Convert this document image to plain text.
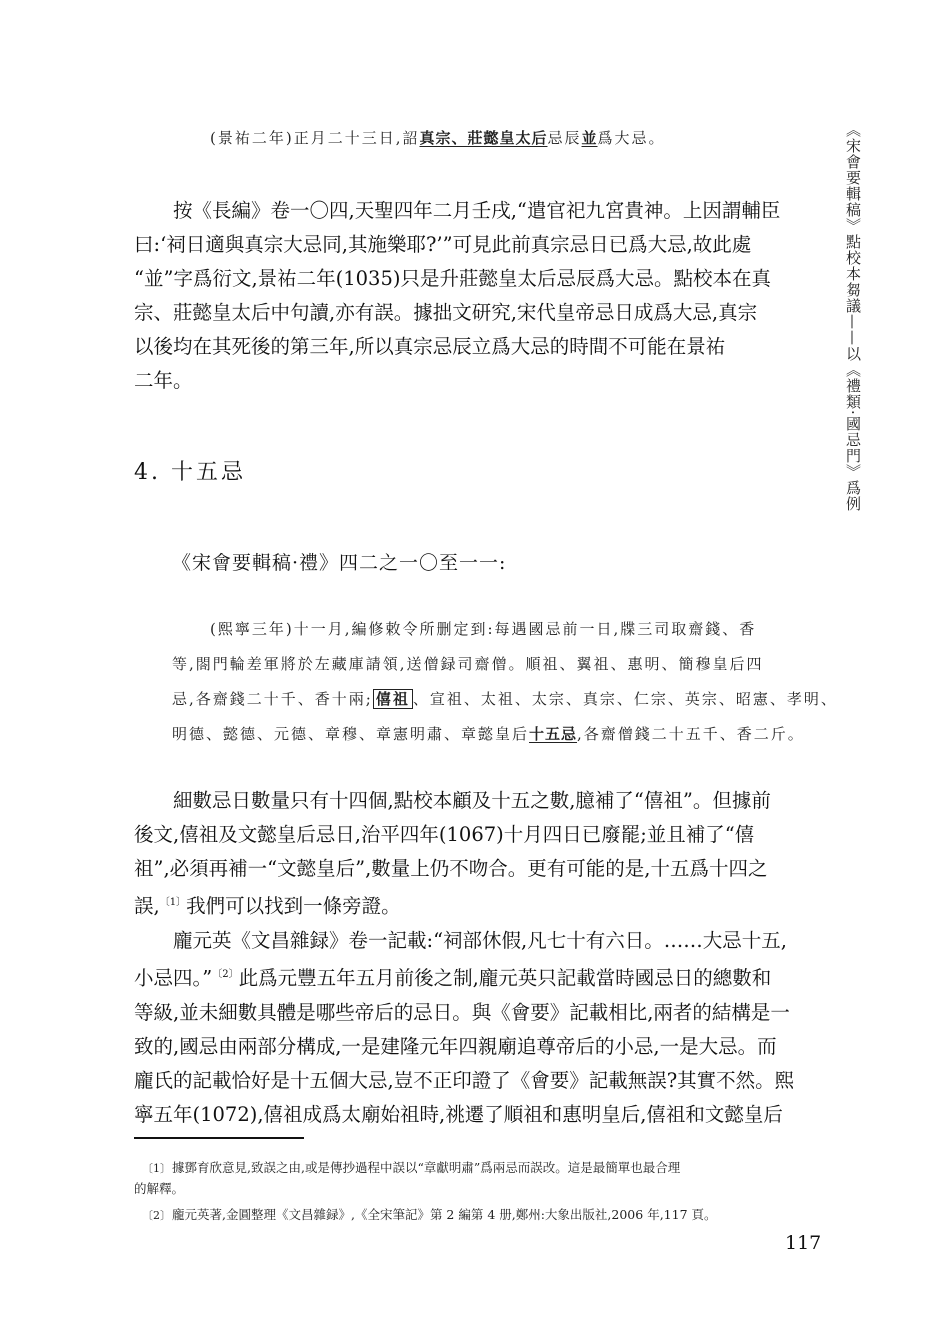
(景祐二年)正月二十三日,詔真宗、莊懿皇太后忌辰並爲大忌。
按《長編》卷一〇四,天聖四年二月壬戌,“遣官祀九宮貴神。上因謂輔臣
曰:‘祠日適與真宗大忌同,其施樂耶?’”可見此前真宗忌日已爲大忌,故此處
“並”字爲衍文,景祐二年(1035)只是升莊懿皇太后忌辰爲大忌。點校本在真
宗、莊懿皇太后中句讀,亦有誤。據拙文研究,宋代皇帝忌日成爲大忌,真宗
以後均在其死後的第三年,所以真宗忌辰立爲大忌的時間不可能在景祐
二年。
4. 十五忌
《宋會要輯稿·禮》四二之一〇至一一:
(熙寧三年)十一月,編修敕令所删定到:每遇國忌前一日,牒三司取齋錢、香
等,閤門輪差軍將於左藏庫請領,送僧録司齋僧。順祖、翼祖、惠明、簡穆皇后四
忌,各齋錢二十千、香十兩; 僖祖 、宣祖、太祖、太宗、真宗、仁宗、英宗、昭憲、孝明、
明德、懿德、元德、章穆、章憲明肅、章懿皇后十五忌,各齋僧錢二十五千、香二斤。
細數忌日數量只有十四個,點校本顧及十五之數,臆補了“僖祖”。但據前
後文,僖祖及文懿皇后忌日,治平四年(1067)十月四日已廢罷;並且補了“僖
祖”,必須再補一“文懿皇后”,數量上仍不吻合。更有可能的是,十五爲十四之
誤,$^{〔1〕}$我們可以找到一條旁證。
龐元英《文昌雜録》卷一記載:“祠部休假,凡七十有六日。……大忌十五,
小忌四。”$^{〔2〕}$此爲元豐五年五月前後之制,龐元英只記載當時國忌日的總數和
等級,並未細數具體是哪些帝后的忌日。與《會要》記載相比,兩者的結構是一
致的,國忌由兩部分構成,一是建隆元年四親廟追尊帝后的小忌,一是大忌。而
龐氏的記載恰好是十五個大忌,豈不正印證了《會要》記載無誤?其實不然。熙
寧五年(1072),僖祖成爲太廟始祖時,祧遷了順祖和惠明皇后,僖祖和文懿皇后
〔1〕據鄧育欣意見,致誤之由,或是傳抄過程中誤以“章獻明肅”爲兩忌而誤改。這是最簡單也最合理
的解釋。
〔2〕龐元英著,金圓整理《文昌雜録》,《全宋筆記》第 2 編第 4 册,鄭州:大象出版社,2006 年,117 頁。
117
《宋會要輯稿》點校本芻議——以《禮類·國忌門》爲例
